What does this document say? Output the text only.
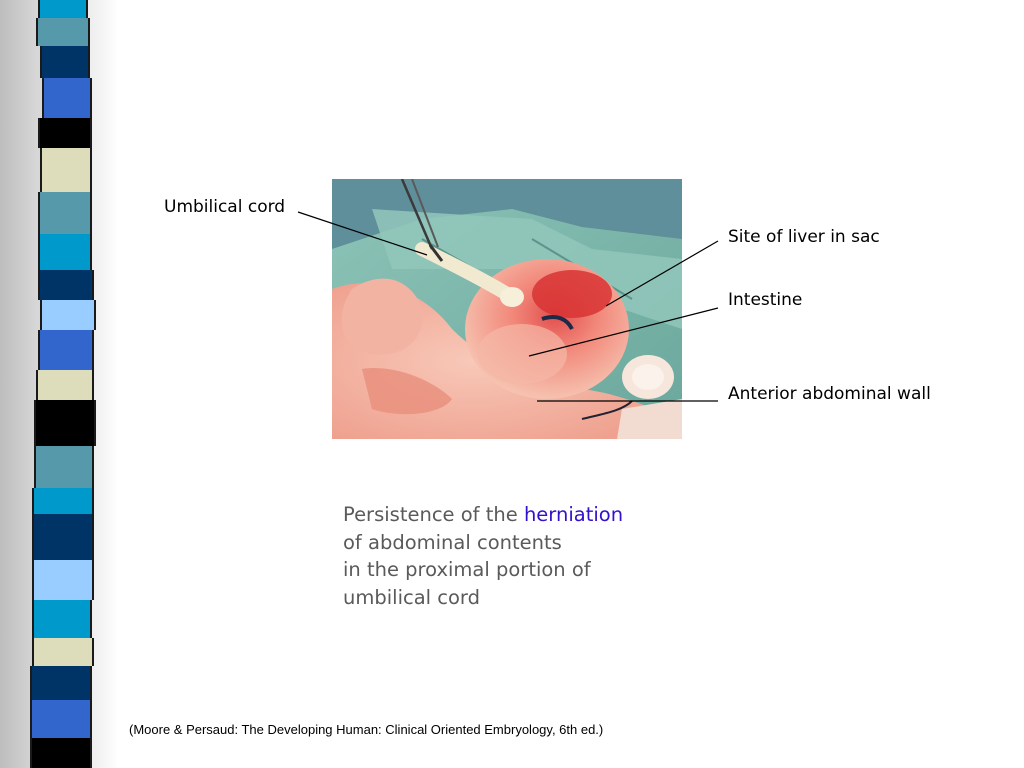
Umbilical cord
Site of liver in sac
Intestine
Anterior abdominal wall
Persistence of the herniation
of abdominal contents
in the proximal portion of
umbilical cord
(Moore & Persaud: The Developing Human: Clinical Oriented Embryology, 6th ed.)
